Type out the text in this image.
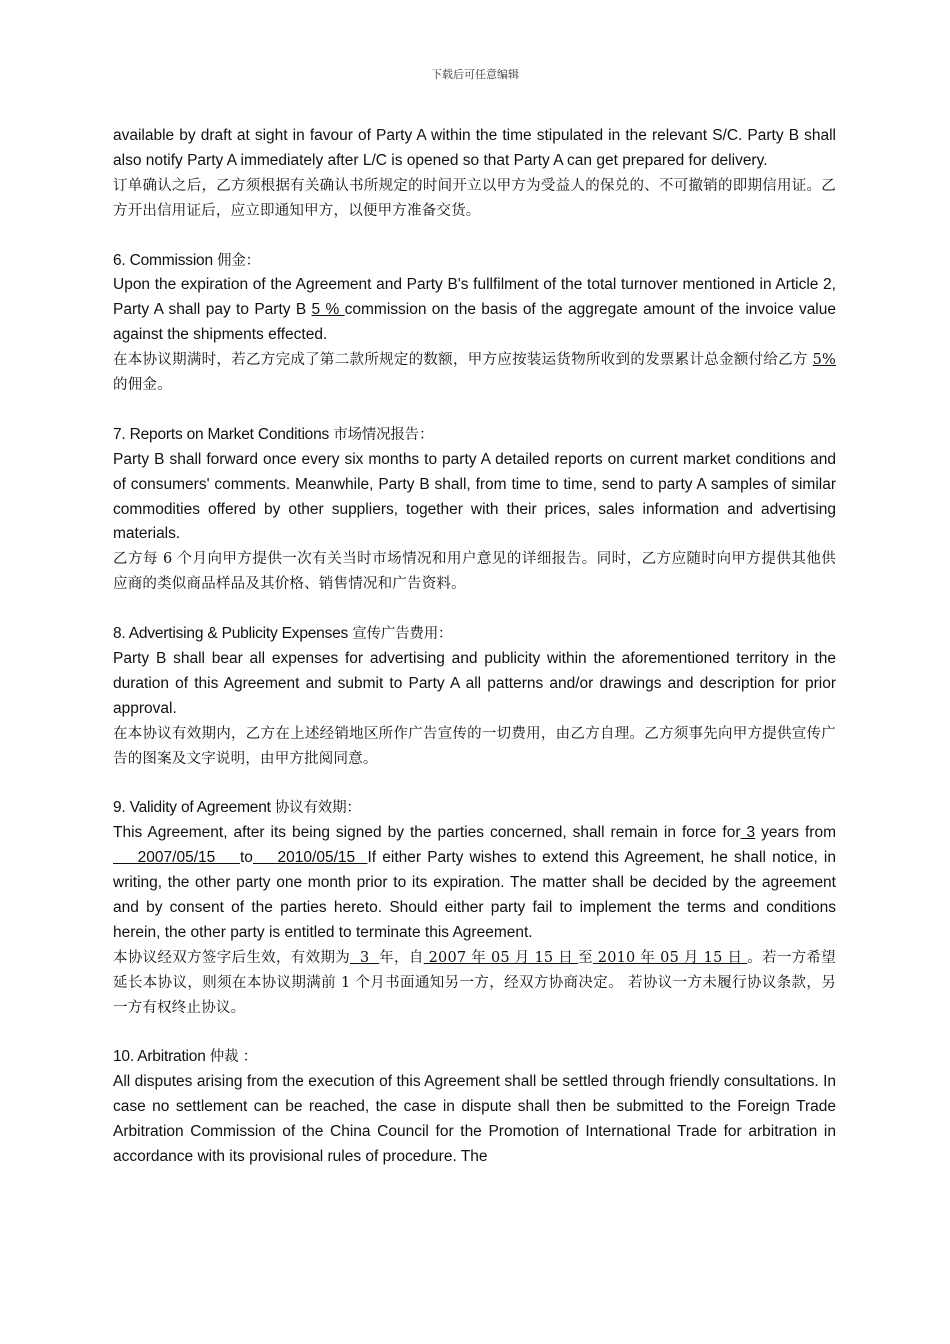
下载后可任意编辑

available by draft at sight in favour of Party A within the time stipulated in the relevant S/C. Party B shall also notify Party A immediately after L/C is opened so that Party A can get prepared for delivery.

订单确认之后，乙方须根据有关确认书所规定的时间开立以甲方为受益人的保兑的、不可撤销的即期信用证。乙方开出信用证后，应立即通知甲方，以便甲方准备交货。

6. Commission 佣金：

Upon the expiration of the Agreement and Party B's fullfilment of the total turnover mentioned in Article 2, Party A shall pay to Party B 5 % commission on the basis of the aggregate amount of the invoice value against the shipments effected.

在本协议期满时，若乙方完成了第二款所规定的数额，甲方应按装运货物所收到的发票累计总金额付给乙方 5% 的佣金。

7. Reports on Market Conditions 市场情况报告：

Party B shall forward once every six months to party A detailed reports on current market conditions and of consumers' comments. Meanwhile, Party B shall, from time to time, send to party A samples of similar commodities offered by other suppliers, together with their prices, sales information and advertising materials.

乙方每 6 个月向甲方提供一次有关当时市场情况和用户意见的详细报告。同时，乙方应随时向甲方提供其他供应商的类似商品样品及其价格、销售情况和广告资料。

8. Advertising & Publicity Expenses 宣传广告费用：

Party B shall bear all expenses for advertising and publicity within the aforementioned territory in the duration of this Agreement and submit to Party A all patterns and/or drawings and description for prior approval.

在本协议有效期内，乙方在上述经销地区所作广告宣传的一切费用，由乙方自理。乙方须事先向甲方提供宣传广告的图案及文字说明，由甲方批阅同意。

9. Validity of Agreement 协议有效期：

This Agreement, after its being signed by the parties concerned, shall remain in force for 3 years from    2007/05/15    to    2010/05/15  If either Party wishes to extend this Agreement, he shall notice, in writing, the other party one month prior to its expiration. The matter shall be decided by the agreement and by consent of the parties hereto. Should either party fail to implement the terms and conditions herein, the other party is entitled to terminate this Agreement.

本协议经双方签字后生效，有效期为  3  年，自 2007 年 05 月 15 日 至 2010 年 05 月 15 日 。若一方希望延长本协议，则须在本协议期满前 1 个月书面通知另一方，经双方协商决定。 若协议一方未履行协议条款，另一方有权终止协议。

10. Arbitration 仲裁 ：

All disputes arising from the execution of this Agreement shall be settled through friendly consultations. In case no settlement can be reached, the case in dispute shall then be submitted to the Foreign Trade Arbitration Commission of the China Council for the Promotion of International Trade for arbitration in accordance with its provisional rules of procedure. The
